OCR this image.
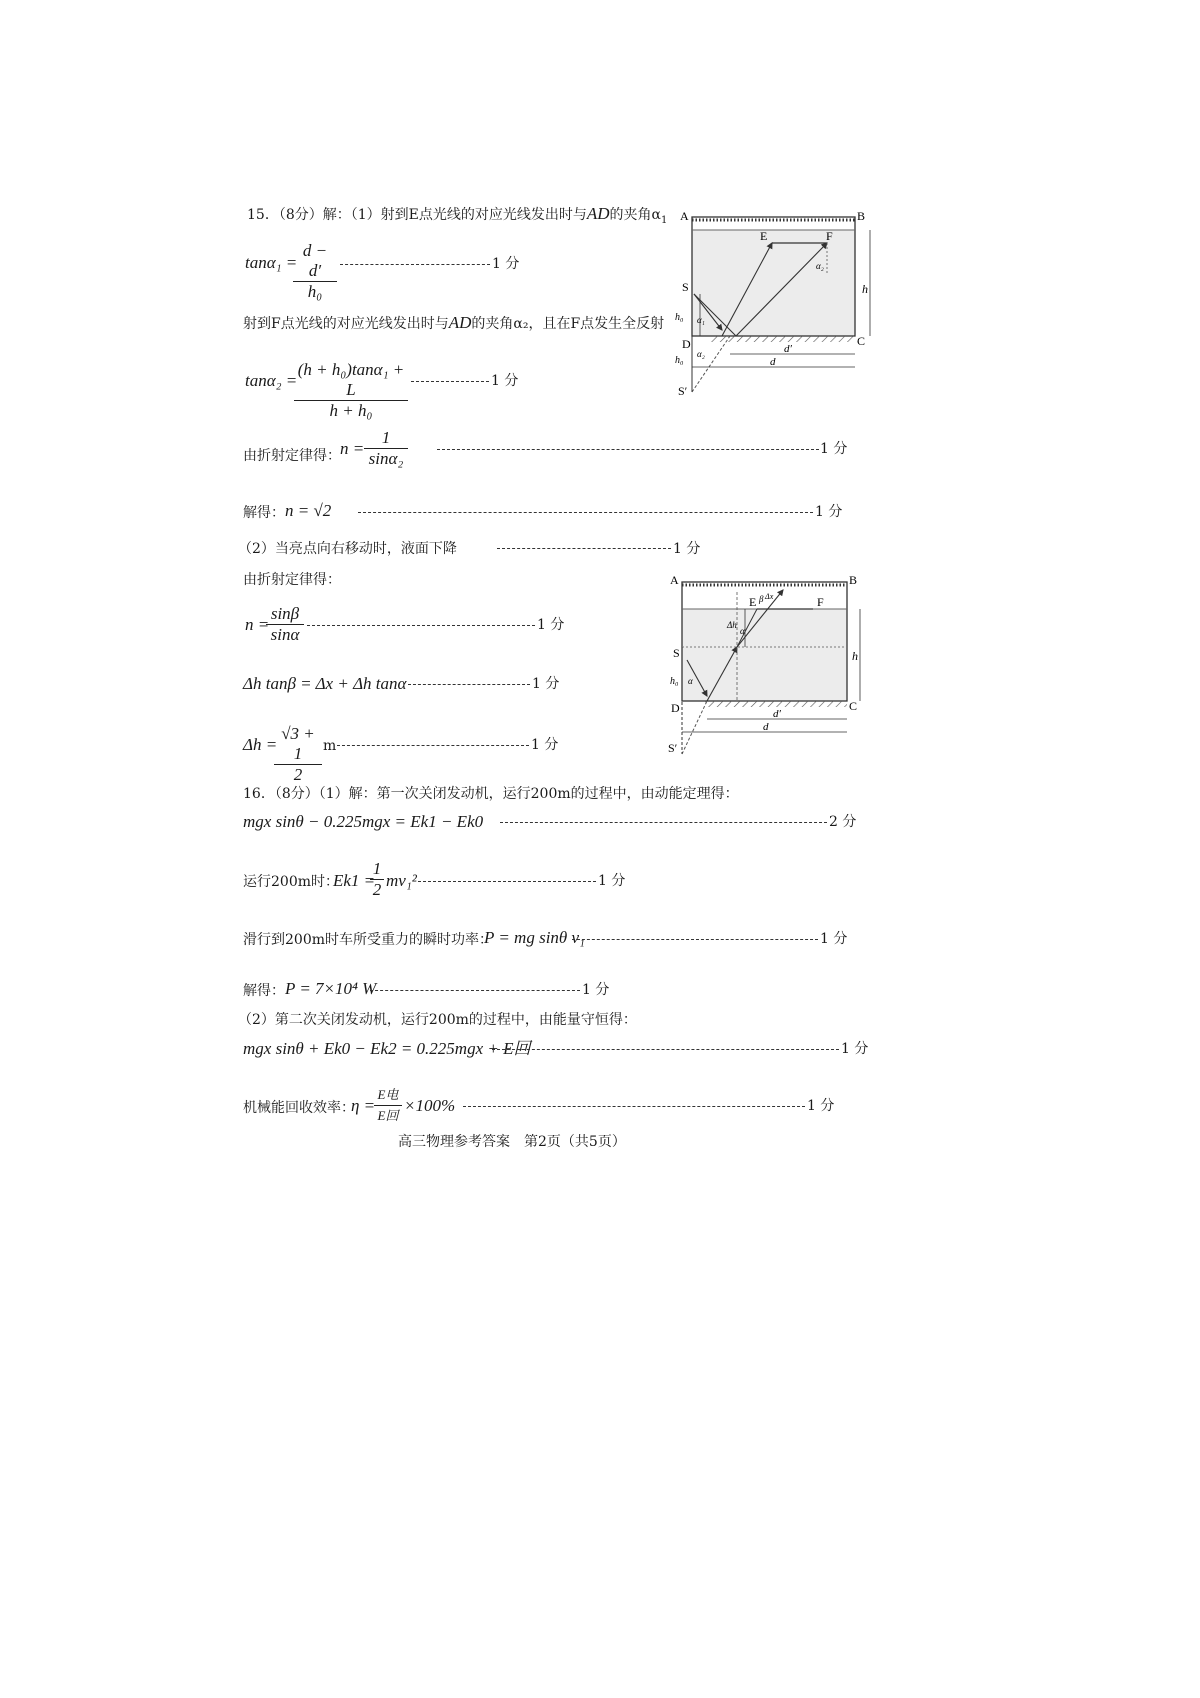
15．（8分）解：（1）射到E点光线的对应光线发出时与AD的夹角$\alpha_1$
tanα₁ =
$\frac{d - d'}{\text{h₀}}$	1 分
射到F点光线的对应光线发出时与AD的夹角α₂，且在F点发生全反射
tanα₂ =
$\frac{\text{(h + h₀)tanα₁ + L}}{\text{h + h₀}}$	1 分
由折射定律得： $n = \frac{1}{\text{sinα₂}}$	1 分
解得： n = √2	1 分
（2）当亮点向右移动时，液面下降	1 分
由折射定律得：
n =
$\frac{\sin\beta}{\sin\alpha}$	1 分
Δh tanβ = Δx + Δh tanα	1 分
Δh =
$\frac{√3 + 1}{2}$ m	1 分
16．（8分）（1）解：第一次关闭发动机，运行200m的过程中，由动能定理得：
mgx sinθ − 0.225mgx = Ek1 − Ek0	2 分
运行200m时：
Ek1 =
$\frac{1}{2} mv_1^2$	1 分
滑行到200m时车所受重力的瞬时功率：
P = mg sinθ v₁	1 分
解得： P = 7×10⁴ W	1 分
（2）第二次关闭发动机，运行200m的过程中，由能量守恒得：
mgx sinθ + Ek0 − Ek2 = 0.225mgx + E回	1 分
机械能回收效率：
η =
E电
E回
×100%	1 分
高三物理参考答案　第2页（共5页）
A	B
E	F
S
D	C
S′
h
h₀
h₀
d′
d
α₁
α₂
α₂
A	B
E	F
S
D	C
S′
h
h₀
d′
d
Δh
α
β
α
Δx
